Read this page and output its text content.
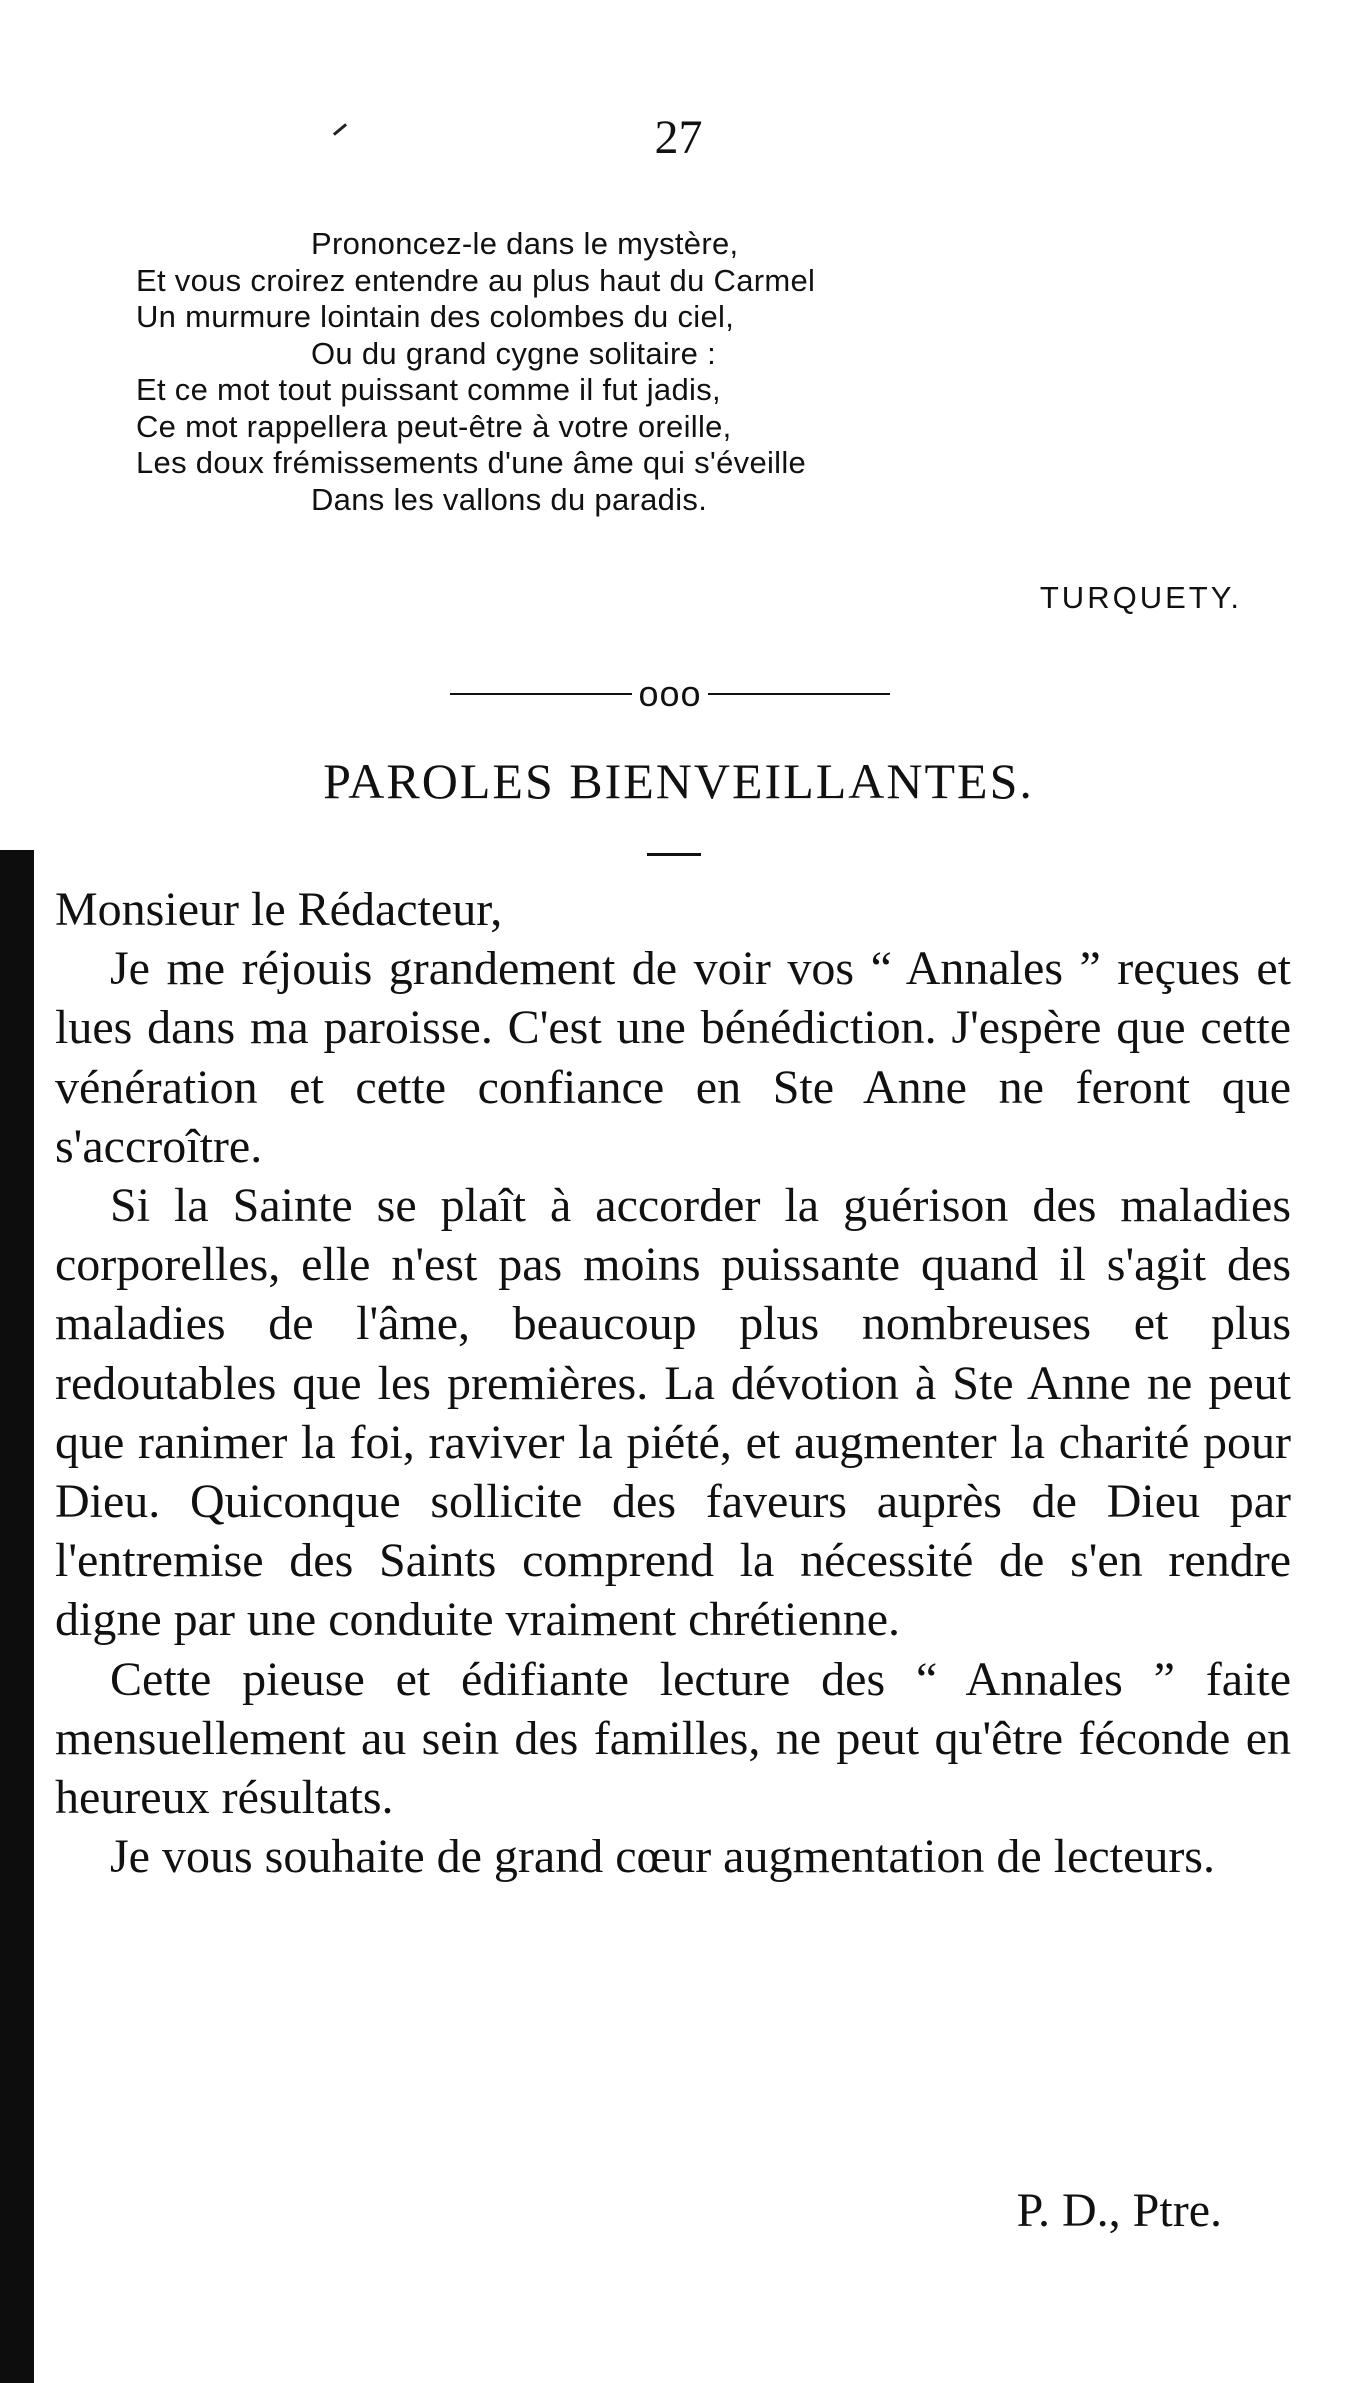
27
Prononcez-le dans le mystère,
Et vous croirez entendre au plus haut du Carmel
Un murmure lointain des colombes du ciel,
Ou du grand cygne solitaire :
Et ce mot tout puissant comme il fut jadis,
Ce mot rappellera peut-être à votre oreille,
Les doux frémissements d'une âme qui s'éveille
Dans les vallons du paradis.
TURQUETY.
ooo
PAROLES BIENVEILLANTES.

Monsieur le Rédacteur,

Je me réjouis grandement de voir vos “ Annales ” reçues et lues dans ma paroisse. C'est une bénédiction. J'espère que cette vénération et cette confiance en Ste Anne ne feront que s'accroître.

Si la Sainte se plaît à accorder la guérison des maladies corporelles, elle n'est pas moins puissante quand il s'agit des maladies de l'âme, beaucoup plus nombreuses et plus redoutables que les premières. La dévotion à Ste Anne ne peut que ranimer la foi, raviver la piété, et augmenter la charité pour Dieu. Quiconque sollicite des faveurs auprès de Dieu par l'entremise des Saints comprend la nécessité de s'en rendre digne par une conduite vraiment chrétienne.

Cette pieuse et édifiante lecture des “ Annales ” faite mensuellement au sein des familles, ne peut qu'être féconde en heureux résultats.

Je vous souhaite de grand cœur augmentation de lecteurs.

P. D., Ptre.
